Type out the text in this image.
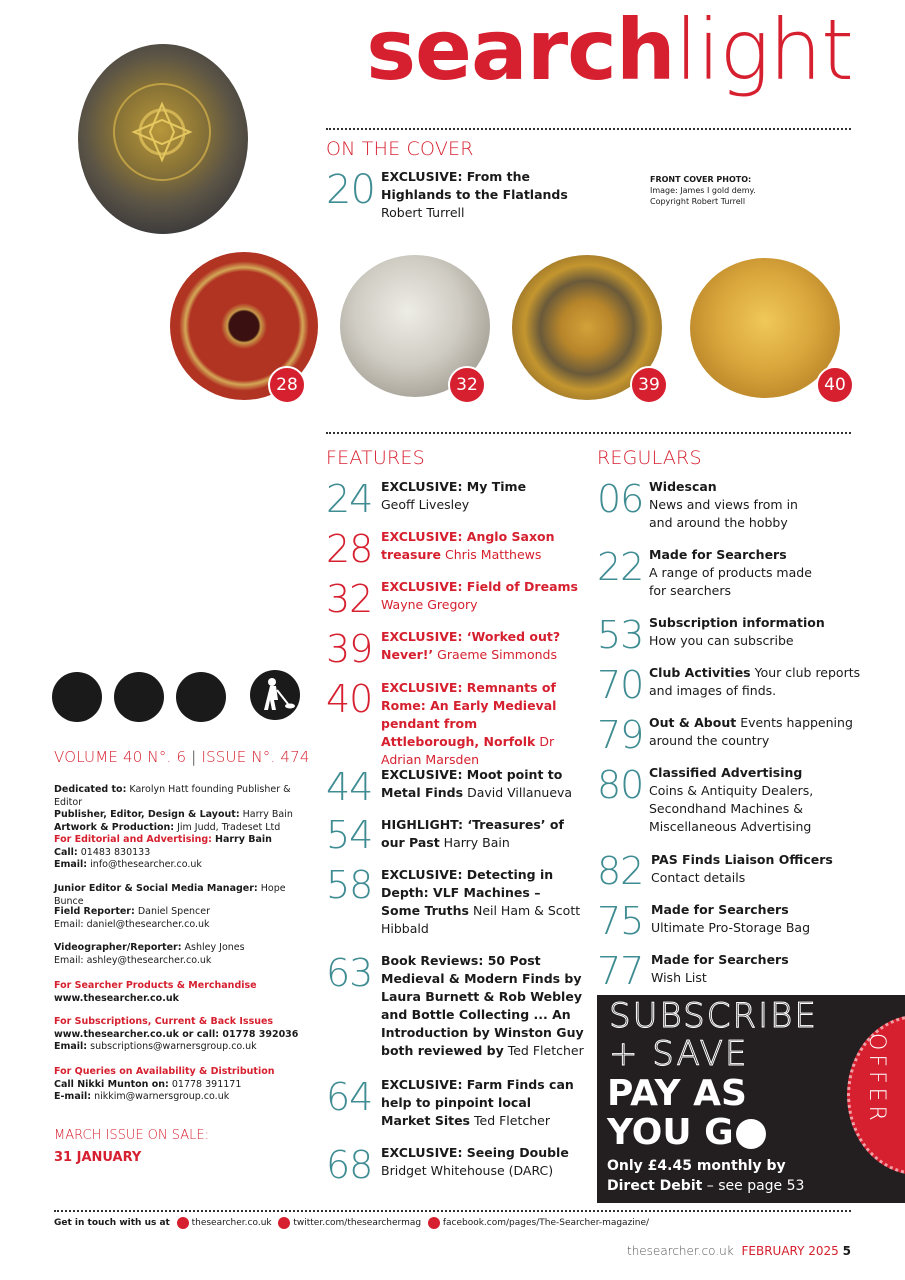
searchlight
ON THE COVER
20 EXCLUSIVE: From the Highlands to the Flatlands Robert Turrell
FRONT COVER PHOTO:
Image: James I gold demy.
Copyright Robert Turrell
28	32	39	40
FEATURES
24 EXCLUSIVE: My Time
Geoff Livesley
28 EXCLUSIVE: Anglo Saxon treasure Chris Matthews
32 EXCLUSIVE: Field of Dreams
Wayne Gregory
39 EXCLUSIVE: ‘Worked out? Never!’ Graeme Simmonds
40 EXCLUSIVE: Remnants of Rome: An Early Medieval pendant from Attleborough, Norfolk Dr Adrian Marsden
44 EXCLUSIVE: Moot point to Metal Finds David Villanueva
54 HIGHLIGHT: ‘Treasures’ of our Past Harry Bain
58 EXCLUSIVE: Detecting in Depth: VLF Machines – Some Truths Neil Ham & Scott Hibbald
63 Book Reviews: 50 Post Medieval & Modern Finds by Laura Burnett & Rob Webley and Bottle Collecting ... An Introduction by Winston Guy both reviewed by Ted Fletcher
64 EXCLUSIVE: Farm Finds can help to pinpoint local Market Sites Ted Fletcher
68 EXCLUSIVE: Seeing Double
Bridget Whitehouse (DARC)
REGULARS
06 Widescan
News and views from in and around the hobby
22 Made for Searchers
A range of products made for searchers
53 Subscription information
How you can subscribe
70 Club Activities Your club reports and images of finds.
79 Out & About Events happening around the country
80 Classified Advertising
Coins & Antiquity Dealers, Secondhand Machines & Miscellaneous Advertising
82 PAS Finds Liaison Officers
Contact details
75 Made for Searchers
Ultimate Pro-Storage Bag
77 Made for Searchers
Wish List
OFFER
SUBSCRIBE
+ SAVE
PAY AS
YOU G
Only £4.45 monthly by
Direct Debit – see page 53
VOLUME 40 N°. 6 | ISSUE N°. 474
Dedicated to: Karolyn Hatt founding Publisher & Editor
Publisher, Editor, Design & Layout: Harry Bain
Artwork & Production: Jim Judd, Tradeset Ltd
For Editorial and Advertising: Harry Bain
Call: 01483 830133
Email: info@thesearcher.co.uk
Junior Editor & Social Media Manager: Hope Bunce
Field Reporter: Daniel Spencer
Email: daniel@thesearcher.co.uk
Videographer/Reporter: Ashley Jones
Email: ashley@thesearcher.co.uk
For Searcher Products & Merchandise
www.thesearcher.co.uk
For Subscriptions, Current & Back Issues
www.thesearcher.co.uk or call: 01778 392036
Email: subscriptions@warnersgroup.co.uk
For Queries on Availability & Distribution
Call Nikki Munton on: 01778 391171
E-mail: nikkim@warnersgroup.co.uk
MARCH ISSUE ON SALE:
31 JANUARY
Get in touch with us at thesearcher.co.uk twitter.com/thesearchermag facebook.com/pages/The-Searcher-magazine/
thesearcher.co.uk FEBRUARY 2025 5
